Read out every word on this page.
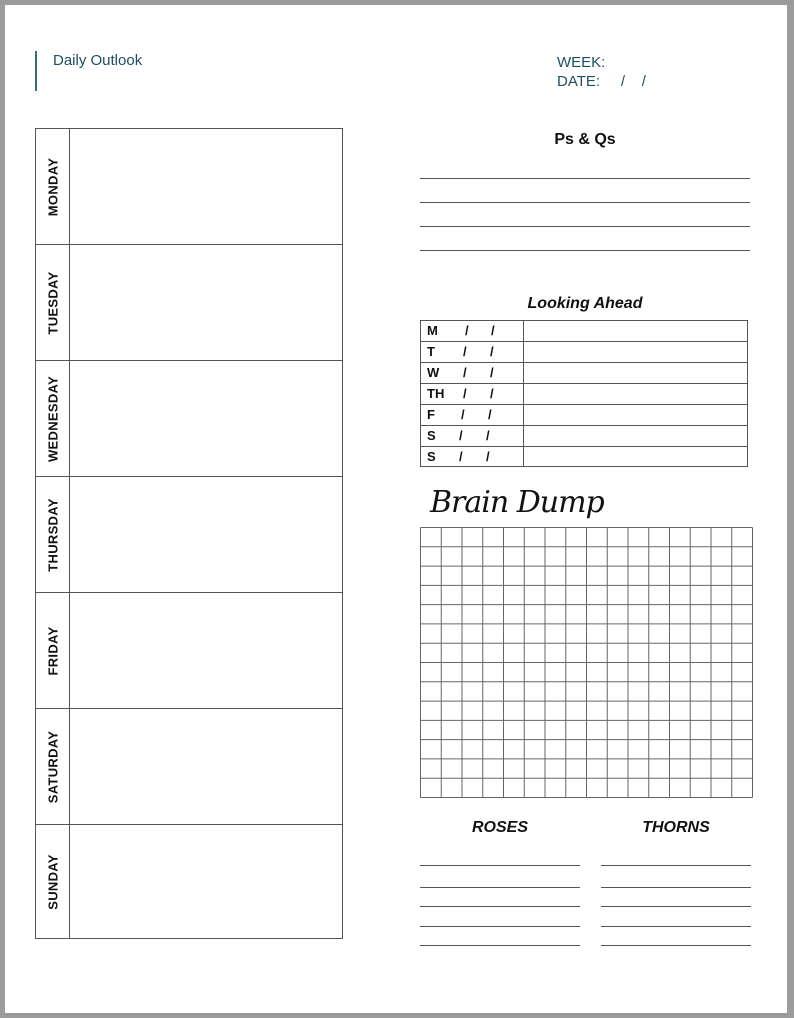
Daily Outlook	WEEK:
DATE:     /    /
MONDAY
TUESDAY
WEDNESDAY
THURSDAY
FRIDAY
SATURDAY
SUNDAY
Ps & Qs
Looking Ahead
M / /
T / /
W / /
TH / /
F / /
S / /
S / /
Brain Dump
ROSES	THORNS
